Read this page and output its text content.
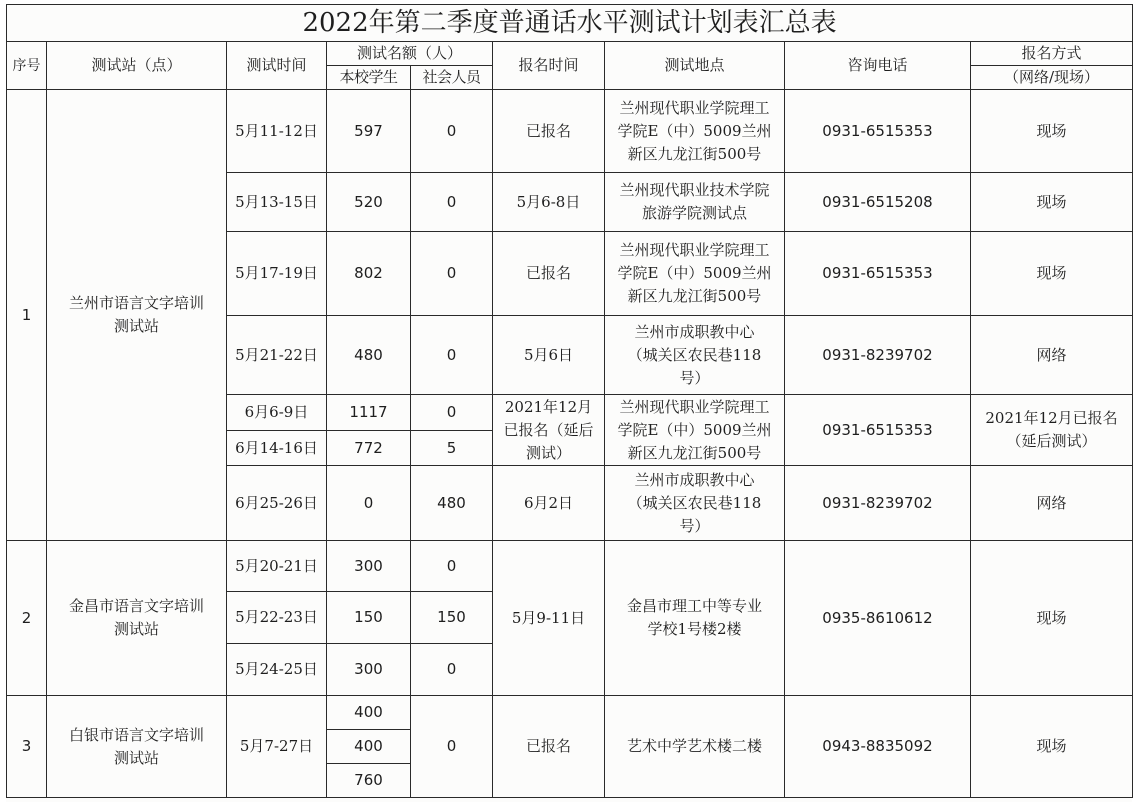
2022年第二季度普通话水平测试计划表汇总表								
序号	测试站（点）	测试时间	测试名额（人）		报名时间	测试地点	咨询电话	报名方式
			本校学生	社会人员				（网络/现场）
1	兰州市语言文字培训测试站	5月11-12日	597	0	已报名	兰州现代职业学院理工学院E（中）5009兰州新区九龙江街500号	0931-6515353	现场
		5月13-15日	520	0	5月6-8日	兰州现代职业技术学院旅游学院测试点	0931-6515208	现场
		5月17-19日	802	0	已报名	兰州现代职业学院理工学院E（中）5009兰州新区九龙江街500号	0931-6515353	现场
		5月21-22日	480	0	5月6日	兰州市成职教中心（城关区农民巷118号）	0931-8239702	网络
		6月6-9日	1117	0	2021年12月已报名（延后测试）	兰州现代职业学院理工学院E（中）5009兰州新区九龙江街500号	0931-6515353	2021年12月已报名（延后测试）
		6月14-16日	772	5				
		6月25-26日	0	480	6月2日	兰州市成职教中心（城关区农民巷118号）	0931-8239702	网络
2	金昌市语言文字培训测试站	5月20-21日	300	0	5月9-11日	金昌市理工中等专业学校1号楼2楼	0935-8610612	现场
		5月22-23日	150	150				
		5月24-25日	300	0				
3	白银市语言文字培训测试站	5月7-27日	400	0	已报名	艺术中学艺术楼二楼	0943-8835092	现场
			400					
			760					
